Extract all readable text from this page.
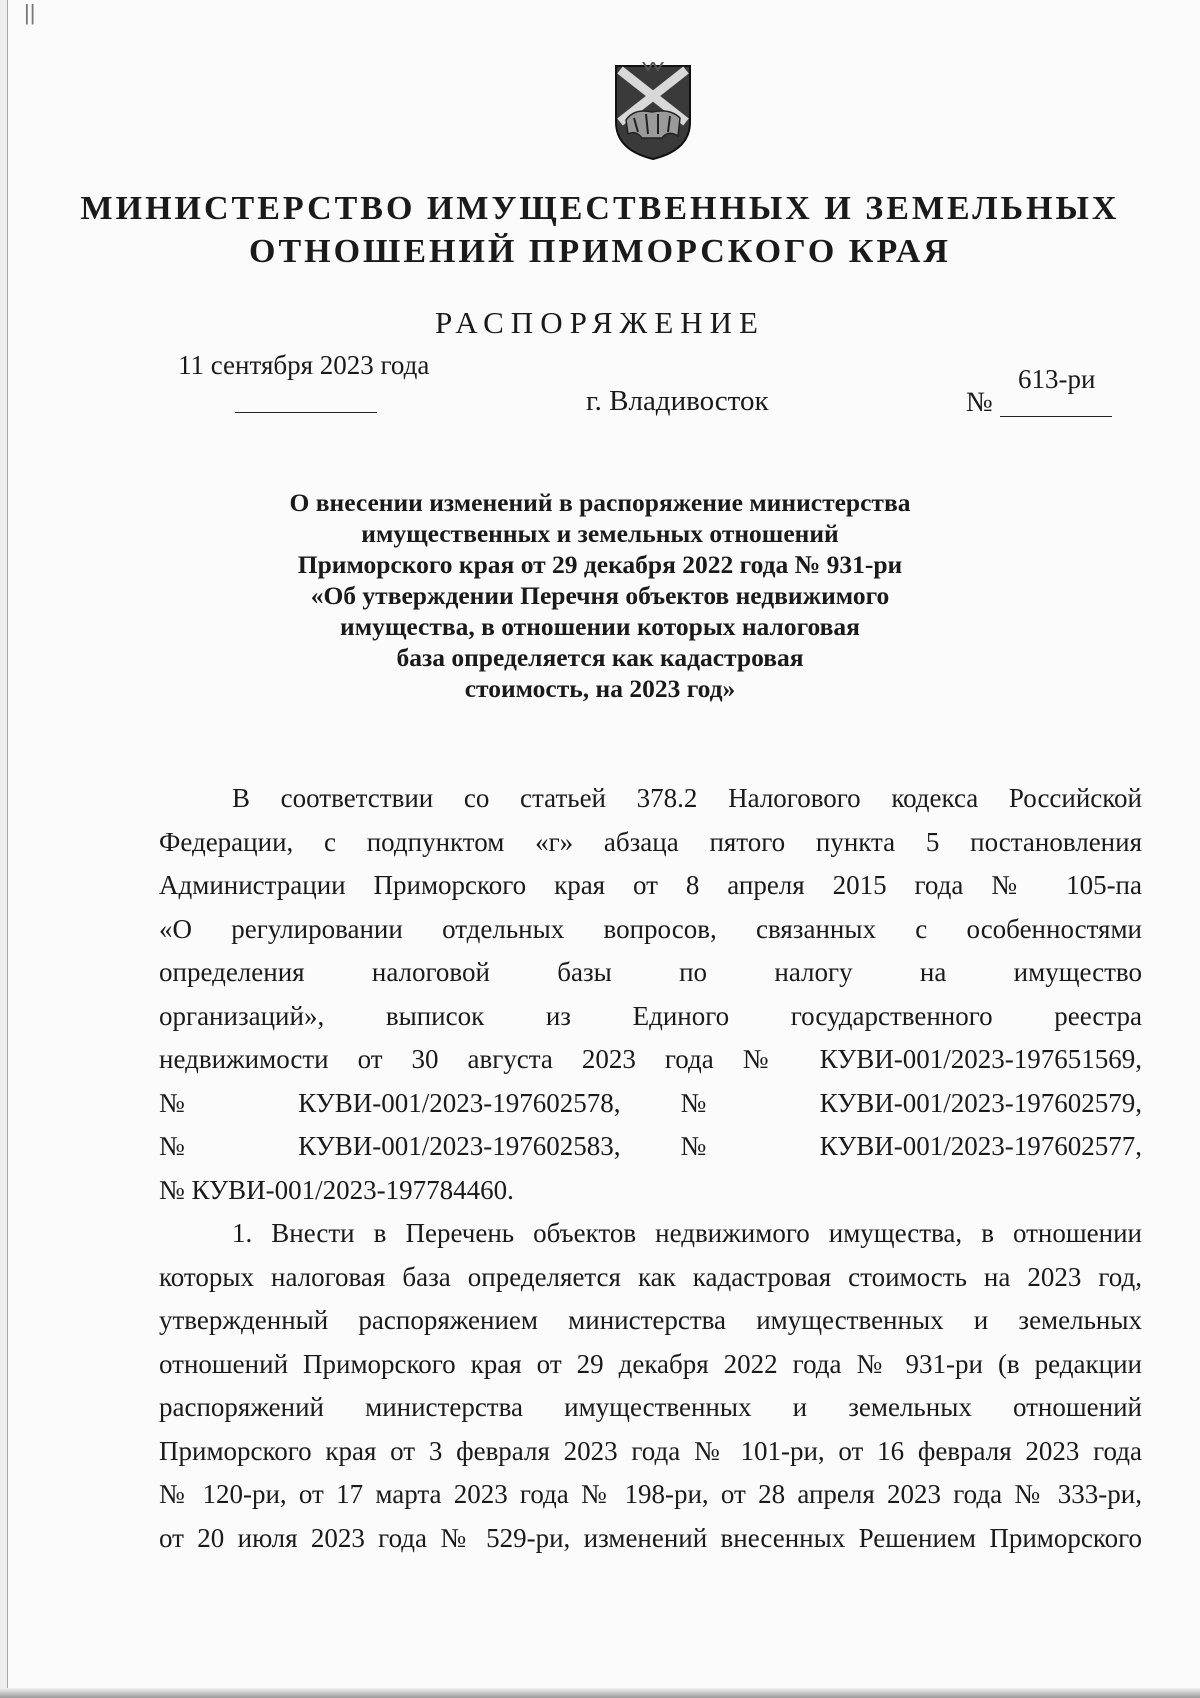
||
МИНИСТЕРСТВО ИМУЩЕСТВЕННЫХ И ЗЕМЕЛЬНЫХ
ОТНОШЕНИЙ ПРИМОРСКОГО КРАЯ
РАСПОРЯЖЕНИЕ
11 сентября 2023 года
г. Владивосток	№
613-ри
О внесении изменений в распоряжение министерства
имущественных и земельных отношений
Приморского края от 29 декабря 2022 года № 931-ри
«Об утверждении Перечня объектов недвижимого
имущества, в отношении которых налоговая
база определяется как кадастровая
стоимость, на 2023 год»
В соответствии со статьей 378.2 Налогового кодекса Российской
Федерации, с подпунктом «г» абзаца пятого пункта 5 постановления
Администрации Приморского края от 8 апреля 2015 года № 105-па
«О регулировании отдельных вопросов, связанных с особенностями
определения налоговой базы по налогу на имущество
организаций», выписок из Единого государственного реестра
недвижимости от 30 августа 2023 года № КУВИ-001/2023-197651569,
№ КУВИ-001/2023-197602578, № КУВИ-001/2023-197602579,
№ КУВИ-001/2023-197602583, № КУВИ-001/2023-197602577,
№ КУВИ-001/2023-197784460.
1. Внести в Перечень объектов недвижимого имущества, в отношении
которых налоговая база определяется как кадастровая стоимость на 2023 год,
утвержденный распоряжением министерства имущественных и земельных
отношений Приморского края от 29 декабря 2022 года № 931-ри (в редакции
распоряжений министерства имущественных и земельных отношений
Приморского края от 3 февраля 2023 года № 101-ри, от 16 февраля 2023 года
№ 120-ри, от 17 марта 2023 года № 198-ри, от 28 апреля 2023 года № 333-ри,
от 20 июля 2023 года № 529-ри, изменений внесенных Решением Приморского
